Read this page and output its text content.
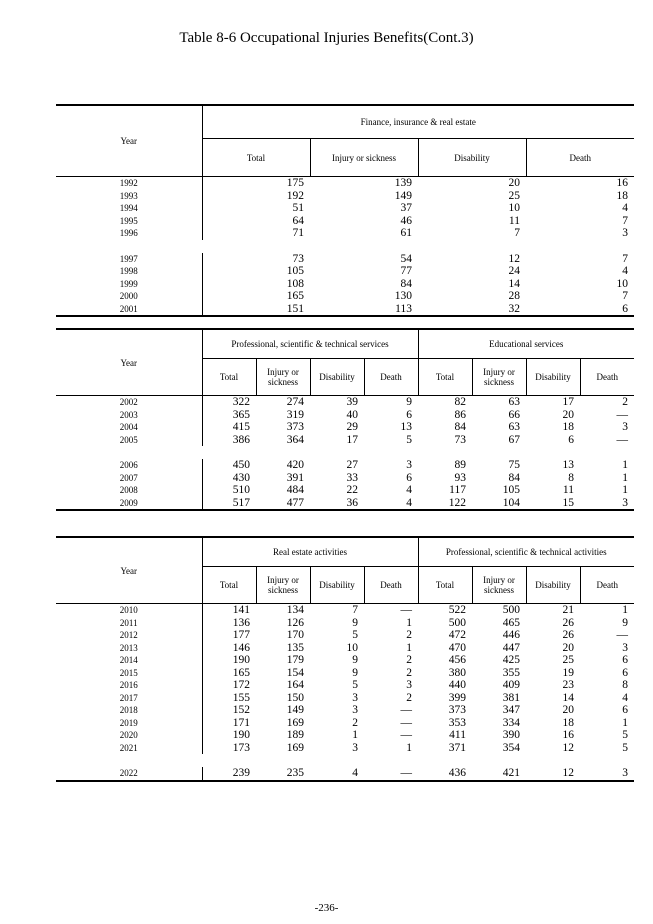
Table 8-6 Occupational Injuries Benefits(Cont.3)
Year	Finance, insurance & real estate			
	Total	Injury or sickness	Disability	Death
1992	175	139	20	16
1993	192	149	25	18
1994	51	37	10	4
1995	64	46	11	7
1996	71	61	7	3

1997	73	54	12	7
1998	105	77	24	4
1999	108	84	14	10
2000	165	130	28	7
2001	151	113	32	6
Year	Professional, scientific & technical services				Educational services			
	Total	Injury or sickness	Disability	Death	Total	Injury or sickness	Disability	Death
2002	322	274	39	9	82	63	17	2
2003	365	319	40	6	86	66	20	—
2004	415	373	29	13	84	63	18	3
2005	386	364	17	5	73	67	6	—

2006	450	420	27	3	89	75	13	1
2007	430	391	33	6	93	84	8	1
2008	510	484	22	4	117	105	11	1
2009	517	477	36	4	122	104	15	3
Year	Real estate activities				Professional, scientific & technical activities			
	Total	Injury or sickness	Disability	Death	Total	Injury or sickness	Disability	Death
2010	141	134	7	—	522	500	21	1
2011	136	126	9	1	500	465	26	9
2012	177	170	5	2	472	446	26	—
2013	146	135	10	1	470	447	20	3
2014	190	179	9	2	456	425	25	6
2015	165	154	9	2	380	355	19	6
2016	172	164	5	3	440	409	23	8
2017	155	150	3	2	399	381	14	4
2018	152	149	3	—	373	347	20	6
2019	171	169	2	—	353	334	18	1
2020	190	189	1	—	411	390	16	5
2021	173	169	3	1	371	354	12	5

2022	239	235	4	—	436	421	12	3
-236-
